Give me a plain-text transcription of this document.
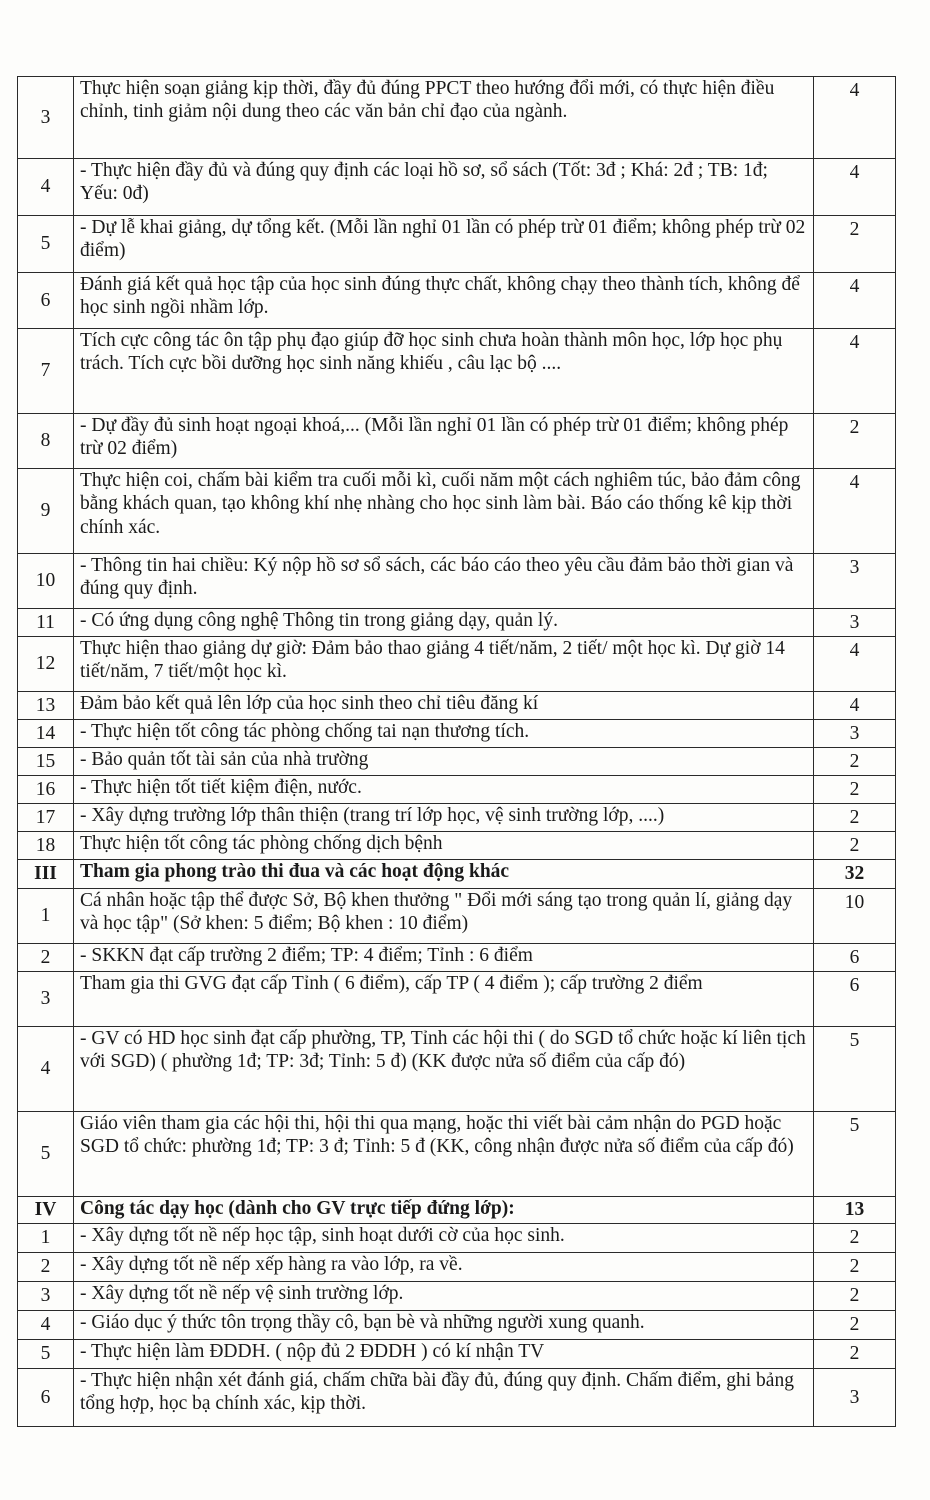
3	Thực hiện soạn giảng kịp thời, đầy đủ đúng PPCT theo hướng đổi mới, có thực hiện điều chỉnh, tinh giảm nội dung theo các văn bản chỉ đạo của ngành.	4
4	- Thực hiện đầy đủ và đúng quy định các loại hồ sơ, sổ sách (Tốt: 3đ ; Khá: 2đ ; TB: 1đ; Yếu: 0đ)	4
5	- Dự lễ khai giảng, dự tổng kết. (Mỗi lần nghỉ 01 lần có phép trừ 01 điểm; không phép trừ 02 điểm)	2
6	Đánh giá kết quả học tập của học sinh đúng thực chất, không chạy theo thành tích, không để học sinh ngồi nhầm lớp.	4
7	Tích cực công tác ôn tập phụ đạo giúp đỡ học sinh chưa hoàn thành môn học, lớp học phụ trách. Tích cực bồi dưỡng học sinh năng khiếu , câu lạc bộ ....	4
8	- Dự đầy đủ sinh hoạt ngoại khoá,... (Mỗi lần nghỉ 01 lần có phép trừ 01 điểm; không phép trừ 02 điểm)	2
9	Thực hiện coi, chấm bài kiểm tra cuối mỗi kì, cuối năm một cách nghiêm túc, bảo đảm công bằng khách quan, tạo không khí nhẹ nhàng cho học sinh làm bài. Báo cáo thống kê kịp thời chính xác.	4
10	- Thông tin hai chiều: Ký nộp hồ sơ sổ sách, các báo cáo theo yêu cầu đảm bảo thời gian và đúng quy định.	3
11	- Có ứng dụng công nghệ Thông tin trong giảng dạy, quản lý.	3
12	Thực hiện thao giảng dự giờ: Đảm bảo thao giảng 4 tiết/năm, 2 tiết/ một học kì. Dự giờ 14 tiết/năm, 7 tiết/một học kì.	4
13	Đảm bảo kết quả lên lớp của học sinh theo chỉ tiêu đăng kí	4
14	- Thực hiện tốt công tác phòng chống tai nạn thương tích.	3
15	- Bảo quản tốt tài sản của nhà trường	2
16	- Thực hiện tốt tiết kiệm điện, nước.	2
17	- Xây dựng trường lớp thân thiện (trang trí lớp học, vệ sinh trường lớp, ....)	2
18	Thực hiện tốt công tác phòng chống dịch bệnh	2
III	Tham gia phong trào thi đua và các hoạt động khác	32
1	Cá nhân hoặc tập thể được Sở, Bộ khen thưởng " Đổi mới sáng tạo trong quản lí, giảng dạy và học tập" (Sở khen: 5 điểm; Bộ khen : 10 điểm)	10
2	- SKKN đạt cấp trường 2 điểm; TP: 4 điểm; Tỉnh : 6 điểm	6
3	Tham gia thi GVG đạt cấp Tỉnh ( 6 điểm), cấp TP ( 4 điểm ); cấp trường 2 điểm	6
4	- GV có HD học sinh đạt cấp phường, TP, Tỉnh các hội thi ( do SGD tổ chức hoặc kí liên tịch với SGD) ( phường 1đ; TP: 3đ; Tỉnh: 5 đ) (KK được nửa số điểm của cấp đó)	5
5	Giáo viên tham gia các hội thi, hội thi qua mạng, hoặc thi viết bài cảm nhận do PGD hoặc SGD tổ chức: phường 1đ; TP: 3 đ; Tỉnh: 5 đ (KK, công nhận được nửa số điểm của cấp đó)	5
IV	Công tác dạy học (dành cho GV trực tiếp đứng lớp):	13
1	- Xây dựng tốt nề nếp học tập, sinh hoạt dưới cờ của học sinh.	2
2	- Xây dựng tốt nề nếp xếp hàng ra vào lớp, ra về.	2
3	- Xây dựng tốt nề nếp vệ sinh trường lớp.	2
4	- Giáo dục ý thức tôn trọng thầy cô, bạn bè và những người xung quanh.	2
5	- Thực hiện làm ĐDDH. ( nộp đủ 2 ĐDDH ) có kí nhận TV	2
6	- Thực hiện nhận xét đánh giá, chấm chữa bài đầy đủ, đúng quy định. Chấm điểm, ghi bảng tổng hợp, học bạ chính xác, kịp thời.	3
